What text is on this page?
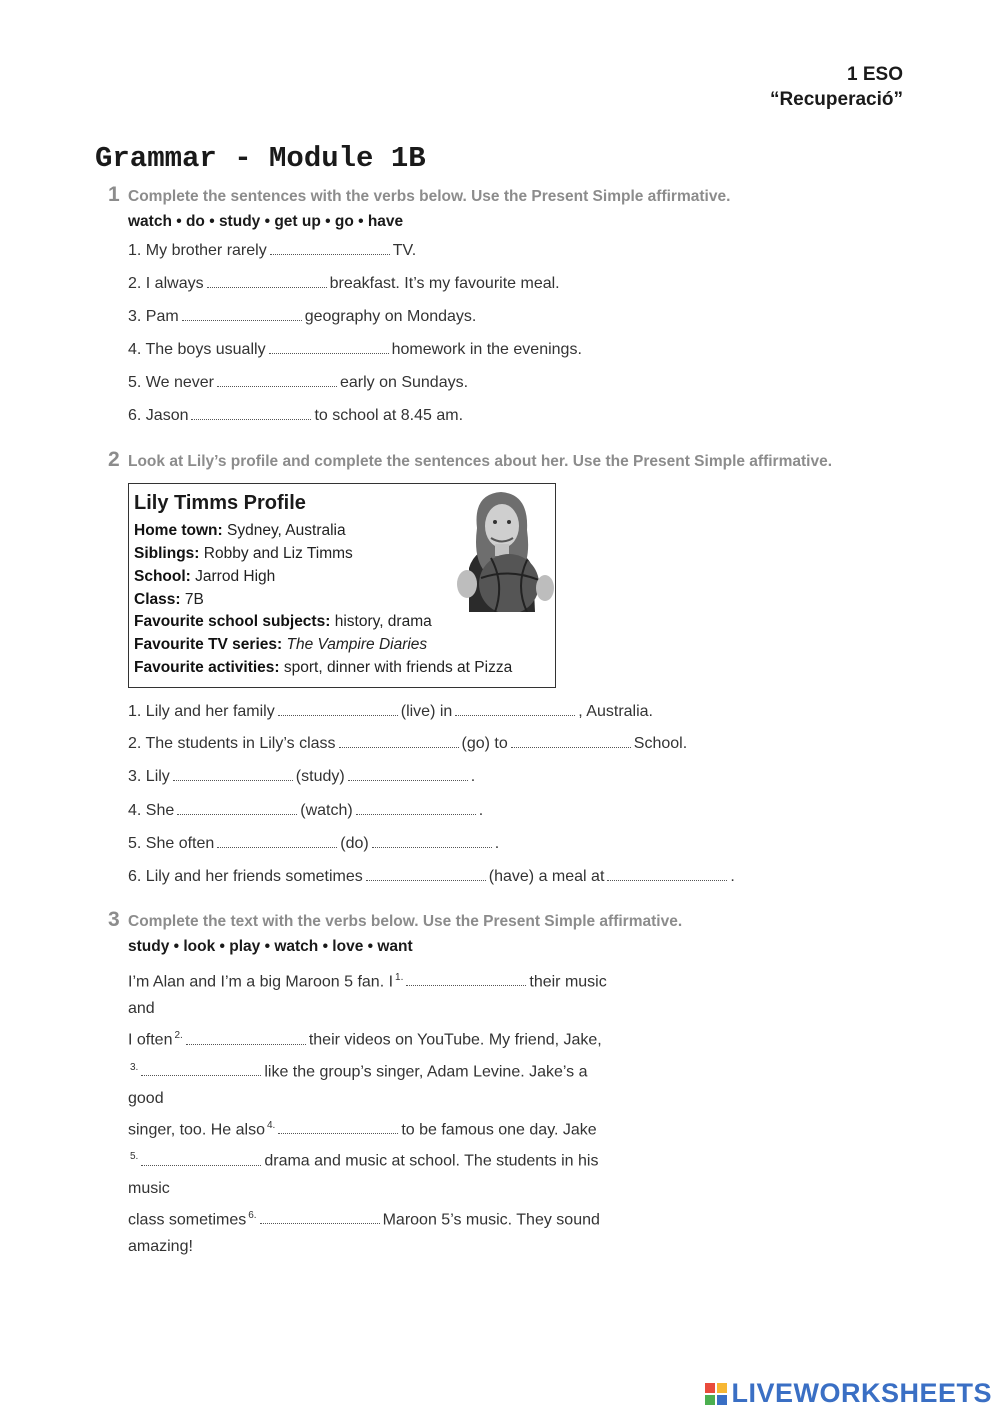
1 ESO
“Recuperació”
Grammar - Module 1B
1 Complete the sentences with the verbs below. Use the Present Simple affirmative.
watch • do • study • get up • go • have
1. My brother rarely	TV.
2. I always	breakfast. It’s my favourite meal.
3. Pam	geography on Mondays.
4. The boys usually	homework in the evenings.
5. We never	early on Sundays.
6. Jason	to school at 8.45 am.
2 Look at Lily’s profile and complete the sentences about her. Use the Present Simple affirmative.
Lily Timms Profile
Home town: Sydney, Australia
Siblings: Robby and Liz Timms
School: Jarrod High
Class: 7B
Favourite school subjects: history, drama
Favourite TV series: The Vampire Diaries
Favourite activities: sport, dinner with friends at Pizza
1. Lily and her family	(live) in	, Australia.
2. The students in Lily’s class	(go) to	School.
3. Lily	(study)	.
4. She	(watch)	.
5. She often	(do)	.
6. Lily and her friends sometimes	(have) a meal at	.
3 Complete the text with the verbs below. Use the Present Simple affirmative.
study • look • play • watch • love • want
I’m Alan and I’m a big Maroon 5 fan. I $^{1.}$	their music
and
I often $^{2.}$	their videos on YouTube. My friend, Jake,
$^{3.}$	like the group’s singer, Adam Levine. Jake’s a
good
singer, too. He also $^{4.}$	to be famous one day. Jake
$^{5.}$	drama and music at school. The students in his
music
class sometimes $^{6.}$	Maroon 5’s music. They sound
amazing!
LIVEWORKSHEETS
